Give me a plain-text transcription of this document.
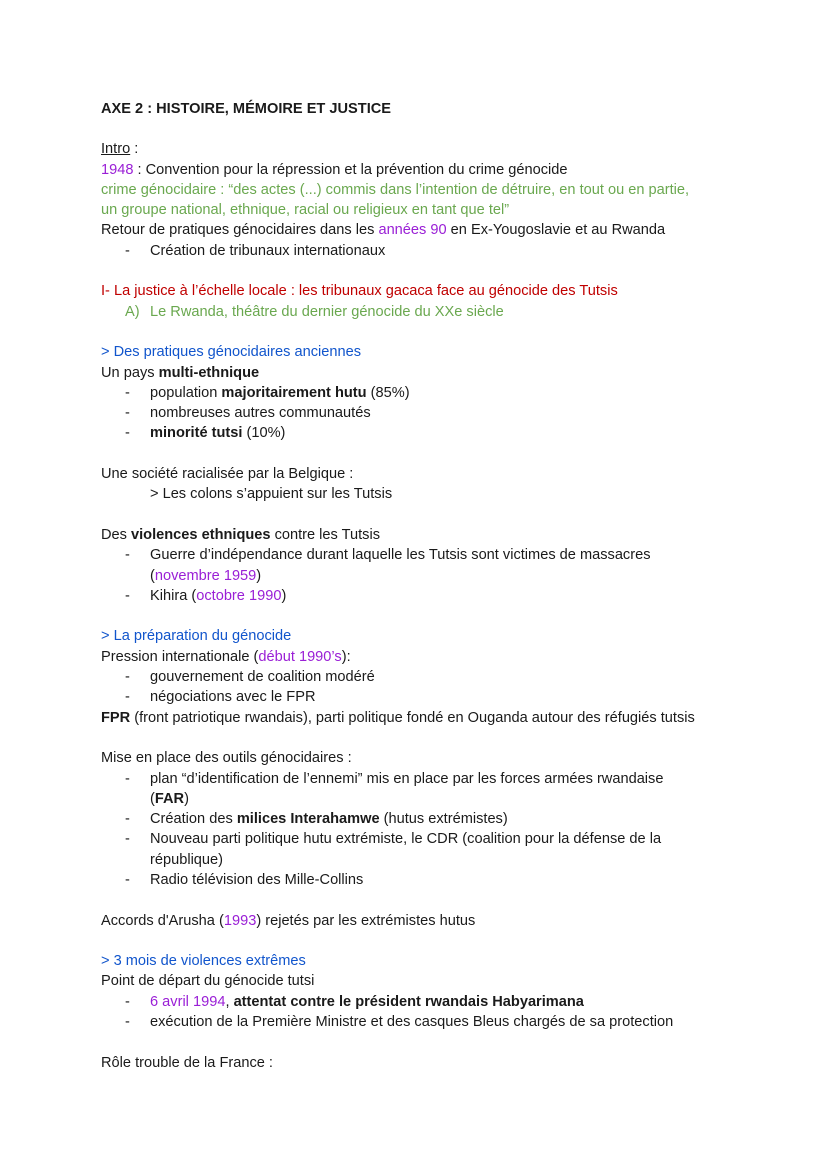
AXE 2 : HISTOIRE, MÉMOIRE ET JUSTICE
Intro :
1948 : Convention pour la répression et la prévention du crime génocide
crime génocidaire : “des actes (...) commis dans l’intention de détruire, en tout ou en partie,
un groupe national, ethnique, racial ou religieux en tant que tel”
Retour de pratiques génocidaires dans les années 90 en Ex-Yougoslavie et au Rwanda
- Création de tribunaux internationaux
I- La justice à l’échelle locale : les tribunaux gacaca face au génocide des Tutsis
A) Le Rwanda, théâtre du dernier génocide du XXe siècle
> Des pratiques génocidaires anciennes
Un pays multi-ethnique
- population majoritairement hutu (85%)
- nombreuses autres communautés
- minorité tutsi (10%)
Une société racialisée par la Belgique :
> Les colons s’appuient sur les Tutsis
Des violences ethniques contre les Tutsis
- Guerre d’indépendance durant laquelle les Tutsis sont victimes de massacres
(novembre 1959)
- Kihira (octobre 1990)
> La préparation du génocide
Pression internationale (début 1990’s):
- gouvernement de coalition modéré
- négociations avec le FPR
FPR (front patriotique rwandais), parti politique fondé en Ouganda autour des réfugiés tutsis
Mise en place des outils génocidaires :
- plan “d’identification de l’ennemi” mis en place par les forces armées rwandaise
(FAR)
- Création des milices Interahamwe (hutus extrémistes)
- Nouveau parti politique hutu extrémiste, le CDR (coalition pour la défense de la
république)
- Radio télévision des Mille-Collins
Accords d'Arusha (1993) rejetés par les extrémistes hutus
> 3 mois de violences extrêmes
Point de départ du génocide tutsi
- 6 avril 1994, attentat contre le président rwandais Habyarimana
- exécution de la Première Ministre et des casques Bleus chargés de sa protection
Rôle trouble de la France :
